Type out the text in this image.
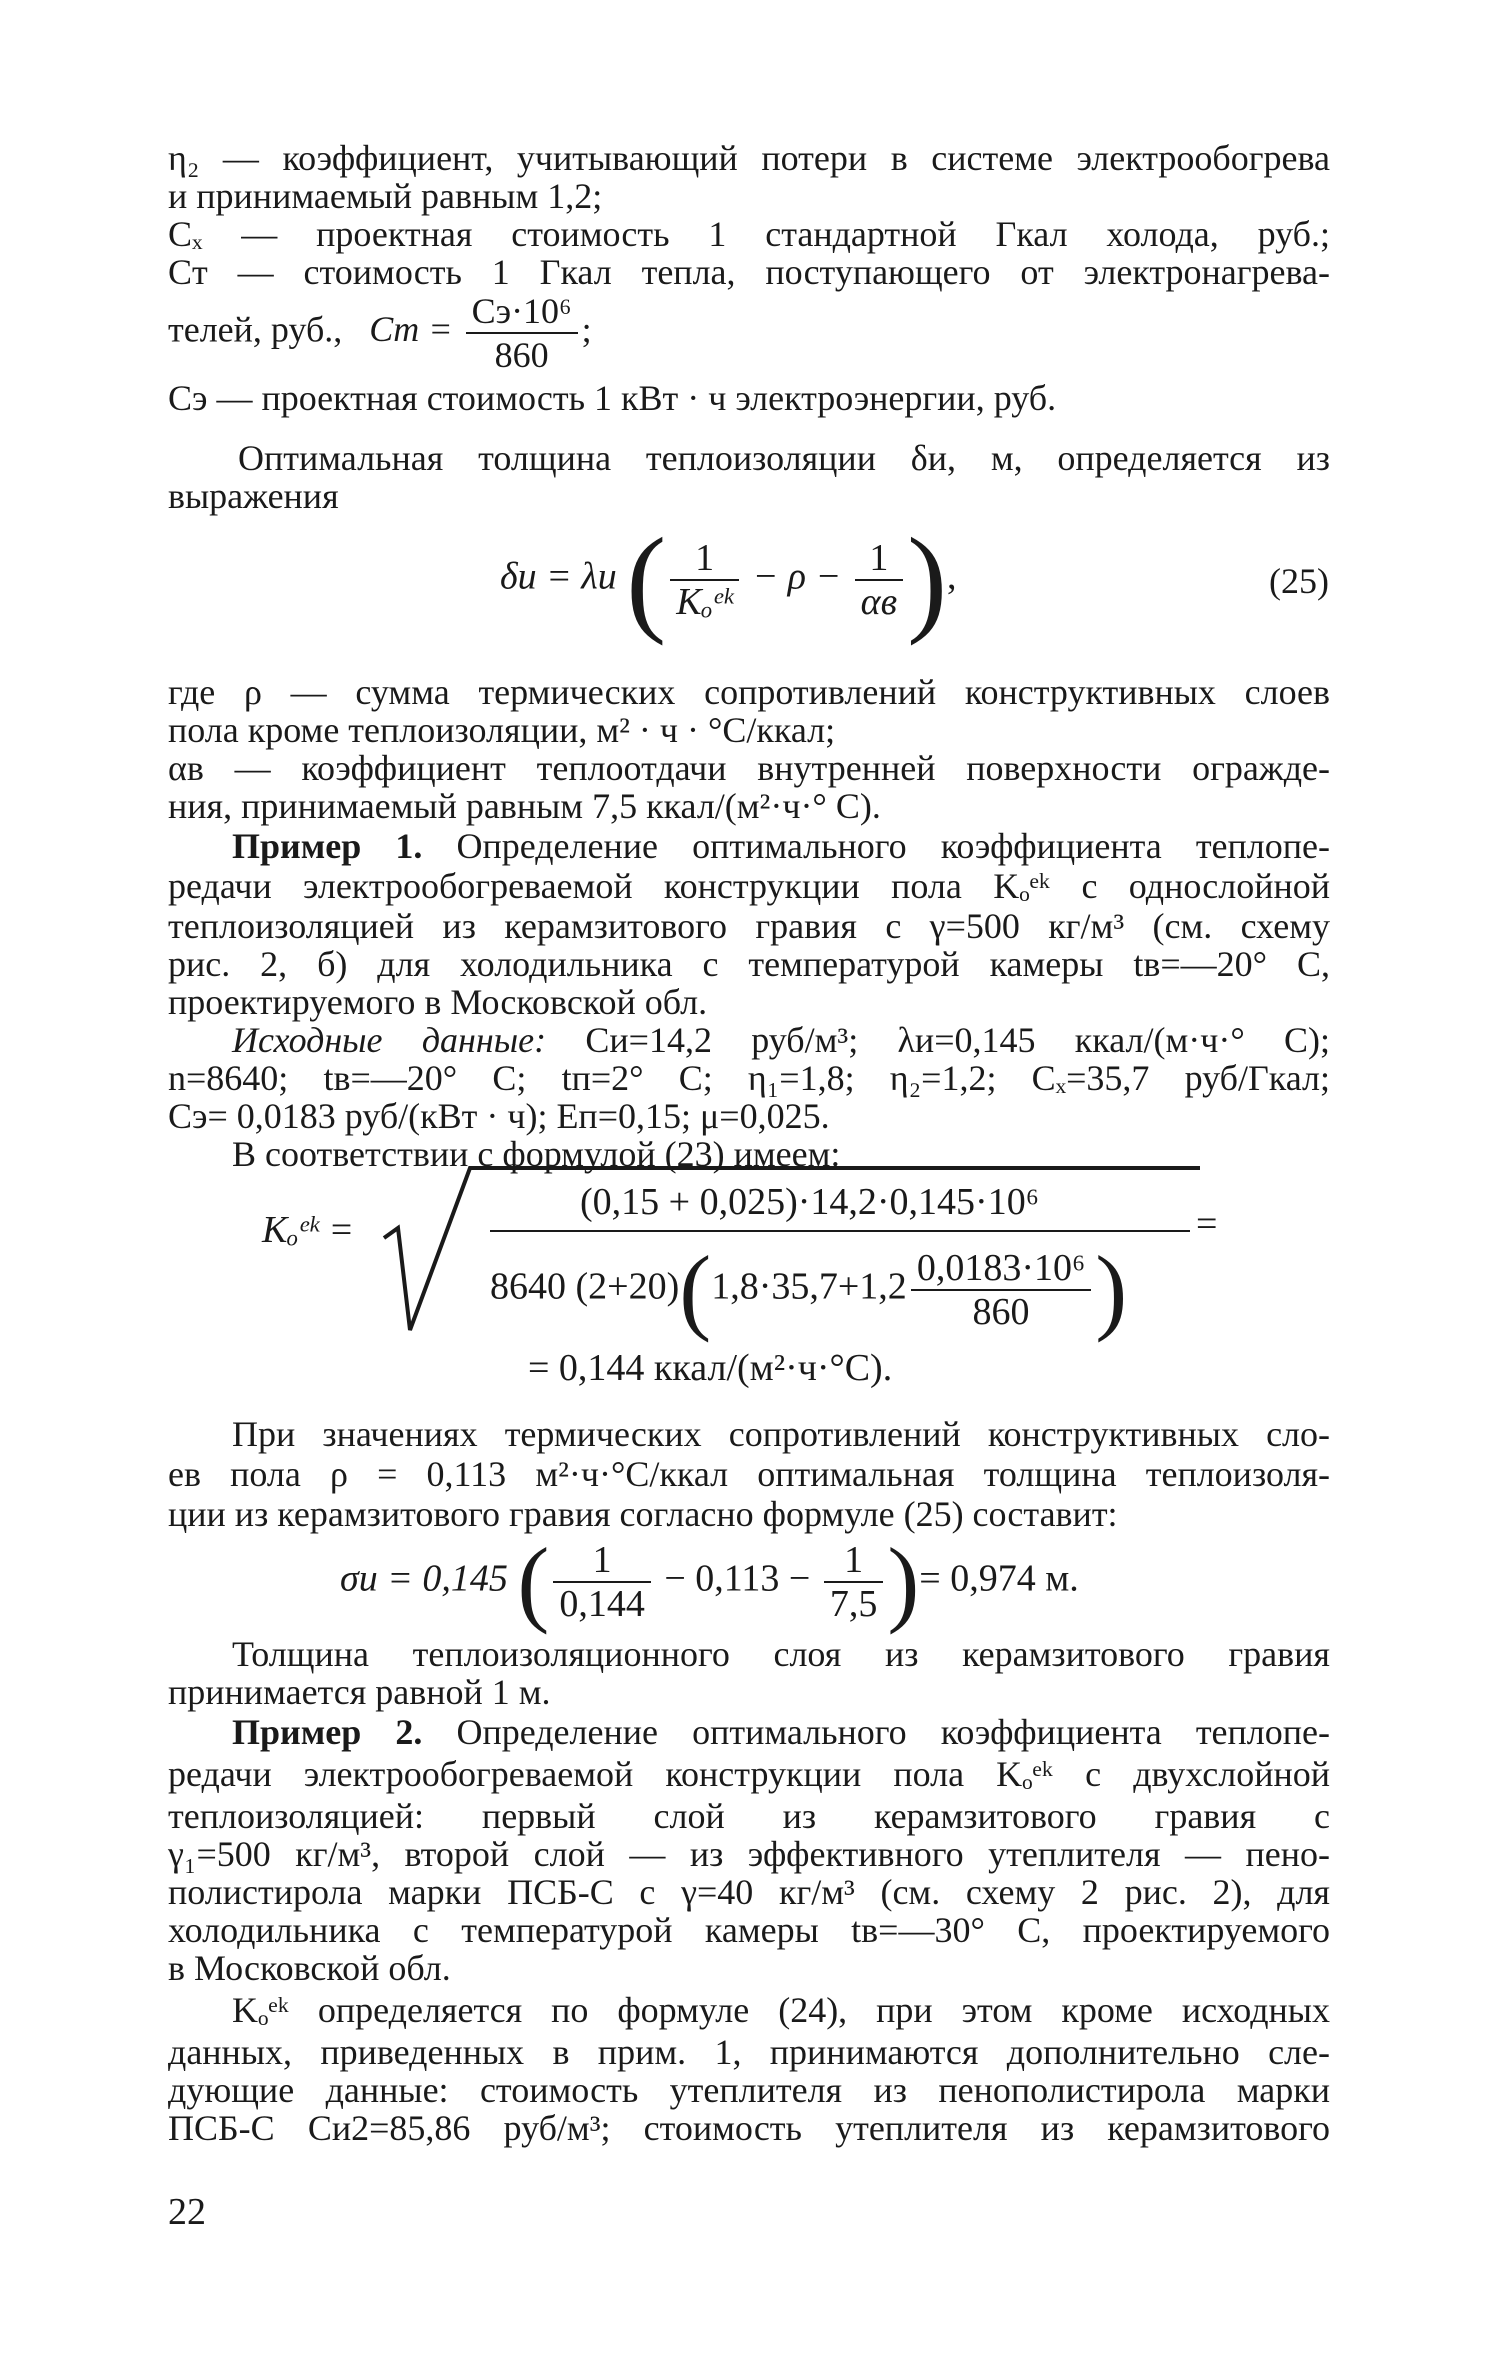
η₂ — коэффициент, учитывающий потери в системе электрообогрева
и принимаемый равным 1,2;
Cₓ — проектная стоимость 1 стандартной Гкал холода, руб.;
Cт — стоимость 1 Гкал тепла, поступающего от электронагрева-
телей, руб., Cт = $\frac{\text{Cэ·10⁶}}{860}$ ;
Cэ — проектная стоимость 1 кВт · ч электроэнергии, руб.
Оптимальная толщина теплоизоляции δи, м, определяется из
выражения
δи = λи ( $\frac{1}{\text{Kₒᵉᵏ}} - \rho - \frac{1}{\alpha в}$ ),	(25)
где ρ — сумма термических сопротивлений конструктивных слоев
пола кроме теплоизоляции, м² · ч · °С/ккал;
αв — коэффициент теплоотдачи внутренней поверхности огражде-
ния, принимаемый равным 7,5 ккал/(м²·ч·° С).
Пример 1. Определение оптимального коэффициента теплопе-
редачи электрообогреваемой конструкции пола Kₒᵉᵏ с однослойной
теплоизоляцией из керамзитового гравия с γ=500 кг/м³ (см. схему
рис. 2, б) для холодильника с температурой камеры tв=—20° С,
проектируемого в Московской обл.
Исходные данные: Cи=14,2 руб/м³; λи=0,145 ккал/(м·ч·° С);
n=8640; tв=—20° С; tп=2° С; η₁=1,8; η₂=1,2; Cₓ=35,7 руб/Гкал;
Cэ= 0,0183 руб/(кВт · ч); Eп=0,15; μ=0,025.
В соответствии с формулой (23) имеем:
Kₒᵉᵏ =
(0,15 + 0,025)·14,2·0,145·10⁶
8640 $(2+20)(1,8\cdot 35,7+1,2 \frac{\text{0,0183·10⁶}}{860}$ )
=
= 0,144 ккал/(м²·ч·°С).
При значениях термических сопротивлений конструктивных сло-
ев пола ρ = 0,113 м²·ч·°С/ккал оптимальная толщина теплоизоля-
ции из керамзитового гравия согласно формуле (25) составит:
σи = 0,145 ( $\frac{1}{0,144} - 0,113 - \frac{1}{7,5}$ )= 0,974 м.
Толщина теплоизоляционного слоя из керамзитового гравия
принимается равной 1 м.
Пример 2. Определение оптимального коэффициента теплопе-
редачи электрообогреваемой конструкции пола Kₒᵉᵏ с двухслойной
теплоизоляцией: первый слой из керамзитового гравия с
γ₁=500 кг/м³, второй слой — из эффективного утеплителя — пено-
полистирола марки ПСБ-С с γ=40 кг/м³ (см. схему 2 рис. 2), для
холодильника с температурой камеры tв=—30° С, проектируемого
в Московской обл.
Kₒᵉᵏ определяется по формуле (24), при этом кроме исходных
данных, приведенных в прим. 1, принимаются дополнительно сле-
дующие данные: стоимость утеплителя из пенополистирола марки
ПСБ-С Cи2=85,86 руб/м³; стоимость утеплителя из керамзитового
22
